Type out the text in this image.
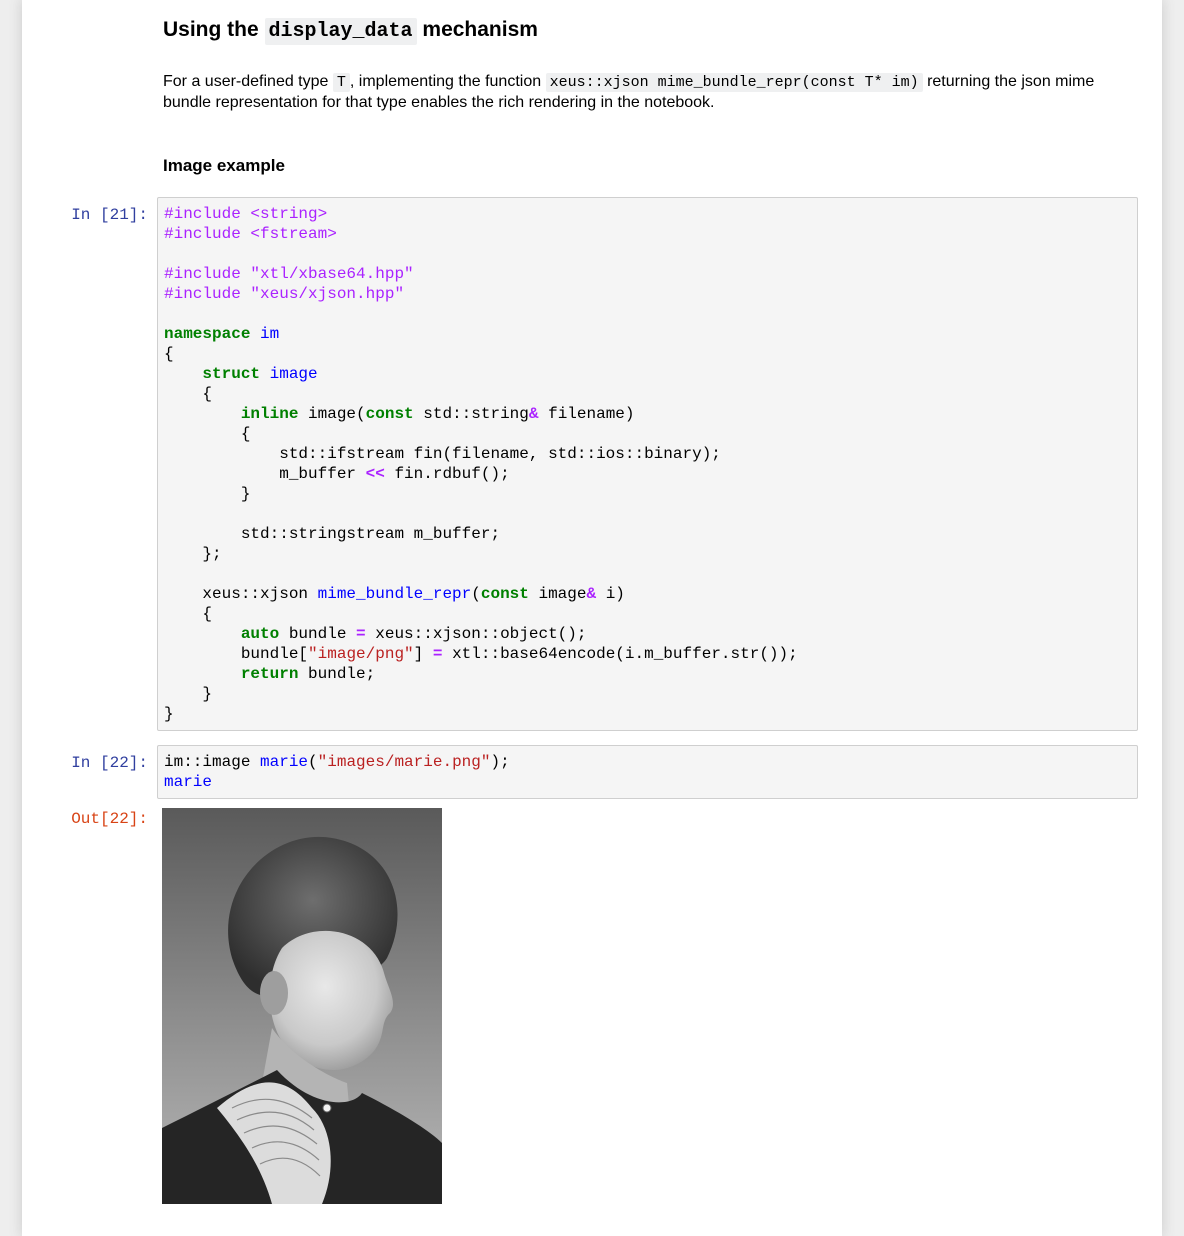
Using the display_data mechanism
For a user-defined type T , implementing the function xeus::xjson mime_bundle_repr(const T* im) returning the json mime bundle representation for that type enables the rich rendering in the notebook.
Image example
In [21]: #include <string>
#include <fstream>

#include "xtl/xbase64.hpp"
#include "xeus/xjson.hpp"

namespace im
{
struct image
{
inline image(const std::string& filename)
{
std::ifstream fin(filename, std::ios::binary);
m_buffer << fin.rdbuf();
}

std::stringstream m_buffer;
};

xeus::xjson mime_bundle_repr(const image& i)
{
auto bundle = xeus::xjson::object();
bundle["image/png"] = xtl::base64encode(i.m_buffer.str());
return bundle;
}
}
In [22]: im::image marie("images/marie.png");
marie
Out[22]:
